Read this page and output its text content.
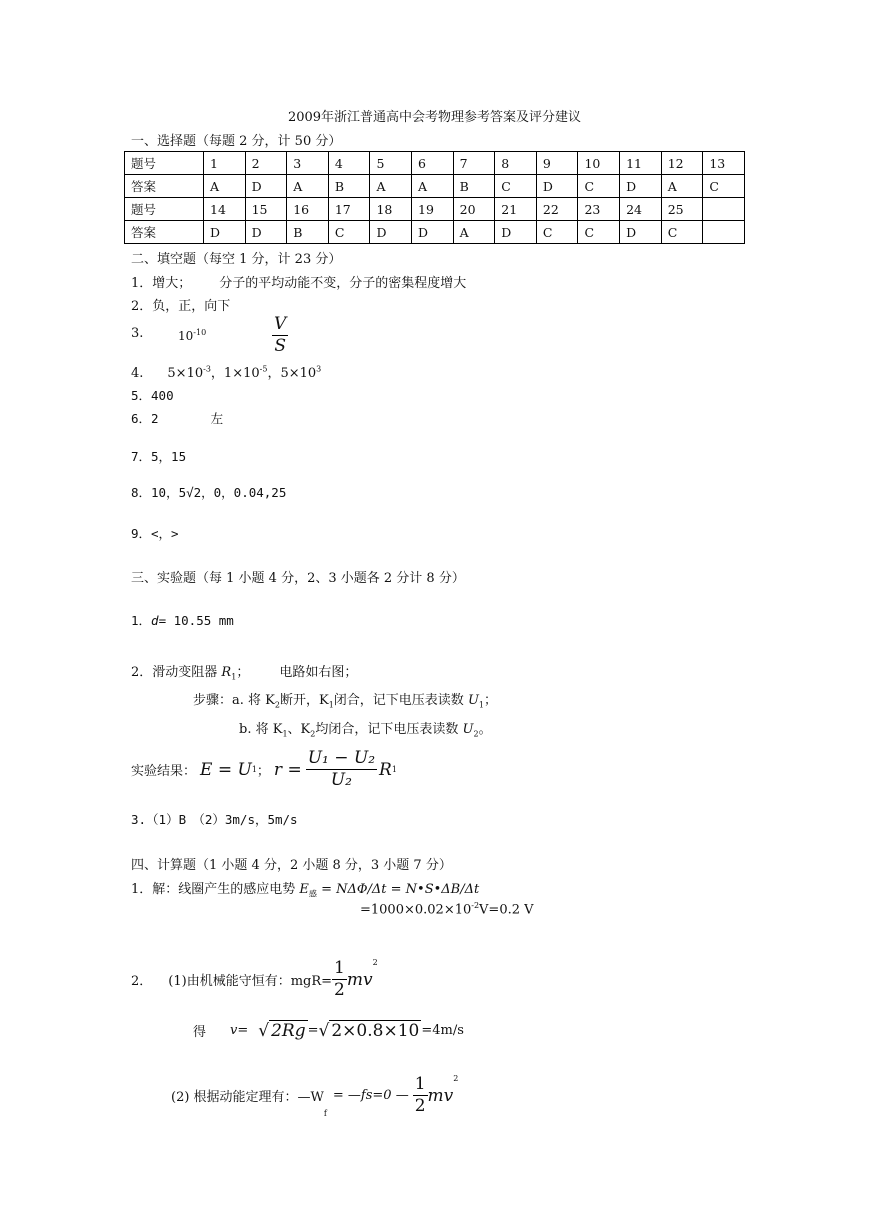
2009年浙江普通高中会考物理参考答案及评分建议
一、选择题（每题 2 分，计 50 分）
题号	1	2	3	4	5	6	7	8	9	10	11	12	13
答案	A	D	A	B	A	A	B	C	D	C	D	A	C
题号	14	15	16	17	18	19	20	21	22	23	24	25	
答案	D	D	B	C	D	D	A	D	C	C	D	C	
二、填空题（每空 1 分，计 23 分）
1．增大； 分子的平均动能不变，分子的密集程度增大
2．负，正，向下
3.	$10^{-10}$	$\frac{V}{S}$
4. $5\times 10^{-3}$，$1\times 10^{-5}$，$5\times 10^3$
5．400
6．2	左
7．5，15
8．10，5√2，0，0.04,25
9．<，>
三、实验题（每 1 小题 4 分，2、3 小题各 2 分计 8 分）
1．d= 10.55 mm
2．滑动变阻器 $R_1$； 电路如右图；
步骤：a. 将 $K_2$断开，$K_1$闭合，记下电压表读数 $U_1$；
b. 将 $K_1$、$K_2$均闭合，记下电压表读数 $U_2$。
实验结果： E = U 1 ； $r = \frac{\text{U₁ − U₂}}{\text{U₂}}$ R 1
3.（1）B　（2）3m/s，5m/s
四、计算题（1 小题 4 分，2 小题 8 分，3 小题 7 分）
1．解：线圈产生的感应电势 $E_感 = N\Delta\Phi/\Delta t$ = N•S•ΔB/Δt
$=1000\times 0.02\times 10^{-2}V=0.2$ V
2． (1)由机械能守恒有：$mgR= \frac{1}{2}$ mv
2
得 v= √ 2Rg = √ 2×0.8×10 =4m/s
(2) 根据动能定理有：—W
f
= —fs=0 — $\frac{1}{2}$ mv
2
